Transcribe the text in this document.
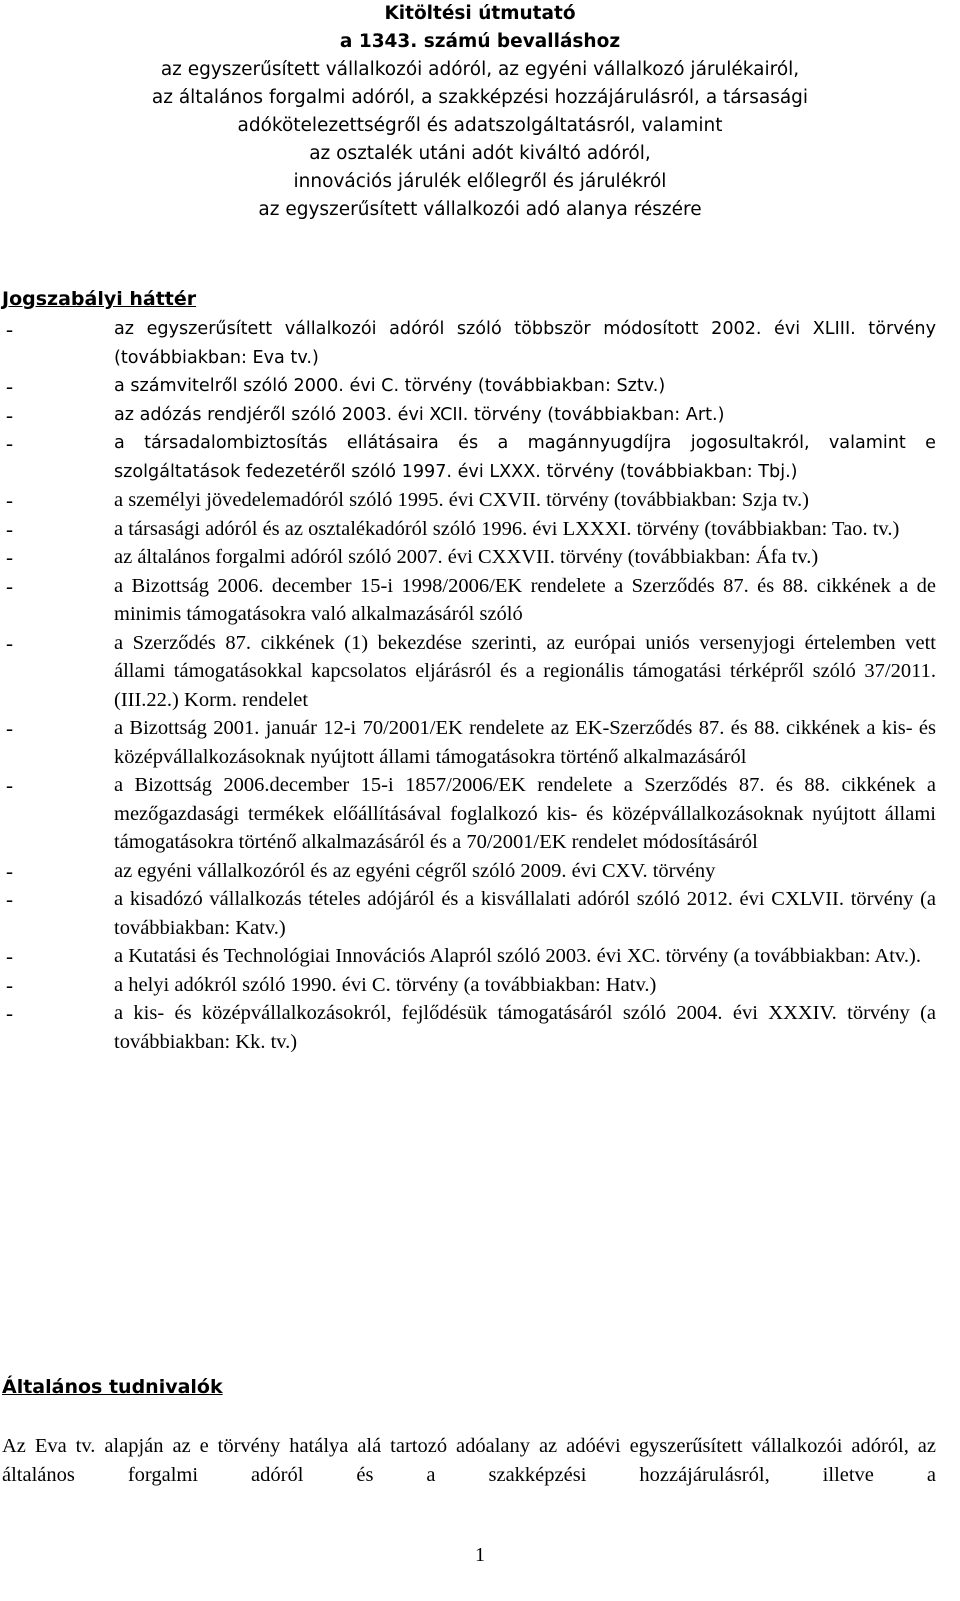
Kitöltési útmutató
a 1343. számú bevalláshoz
az egyszerűsített vállalkozói adóról, az egyéni vállalkozó járulékairól,
az általános forgalmi adóról, a szakképzési hozzájárulásról, a társasági
adókötelezettségről és adatszolgáltatásról, valamint
az osztalék utáni adót kiváltó adóról,
innovációs járulék előlegről és járulékról
az egyszerűsített vállalkozói adó alanya részére
Jogszabályi háttér
-	az egyszerűsített vállalkozói adóról szóló többször módosított 2002. évi XLIII. törvény (továbbiakban: Eva tv.)
-	a számvitelről szóló 2000. évi C. törvény (továbbiakban: Sztv.)
-	az adózás rendjéről szóló 2003. évi XCII. törvény (továbbiakban: Art.)
-	a társadalombiztosítás ellátásaira és a magánnyugdíjra jogosultakról, valamint e szolgáltatások fedezetéről szóló 1997. évi LXXX. törvény (továbbiakban: Tbj.)
-	a személyi jövedelemadóról szóló 1995. évi CXVII. törvény (továbbiakban: Szja tv.)
-	a társasági adóról és az osztalékadóról szóló 1996. évi LXXXI. törvény (továbbiakban: Tao. tv.)
-	az általános forgalmi adóról szóló 2007. évi CXXVII. törvény (továbbiakban: Áfa tv.)
-	a Bizottság 2006. december 15-i 1998/2006/EK rendelete a Szerződés 87. és 88. cikkének a de minimis támogatásokra való alkalmazásáról szóló
-	a Szerződés 87. cikkének (1) bekezdése szerinti, az európai uniós versenyjogi értelemben vett állami támogatásokkal kapcsolatos eljárásról és a regionális támogatási térképről szóló 37/2011. (III.22.) Korm. rendelet
-	a Bizottság 2001. január 12-i 70/2001/EK rendelete az EK-Szerződés 87. és 88. cikkének a kis- és középvállalkozásoknak nyújtott állami támogatásokra történő alkalmazásáról
-	a Bizottság 2006.december 15-i 1857/2006/EK rendelete a Szerződés 87. és 88. cikkének a mezőgazdasági termékek előállításával foglalkozó kis- és középvállalkozásoknak nyújtott állami támogatásokra történő alkalmazásáról és a 70/2001/EK rendelet módosításáról
-	az egyéni vállalkozóról és az egyéni cégről szóló 2009. évi CXV. törvény
-	a kisadózó vállalkozás tételes adójáról és a kisvállalati adóról szóló 2012. évi CXLVII. törvény (a továbbiakban: Katv.)
-	a Kutatási és Technológiai Innovációs Alapról szóló 2003. évi XC. törvény (a továbbiakban: Atv.).
-	a helyi adókról szóló 1990. évi C. törvény (a továbbiakban: Hatv.)
-	a kis- és középvállalkozásokról, fejlődésük támogatásáról szóló 2004. évi XXXIV. törvény (a továbbiakban: Kk. tv.)
Általános tudnivalók
Az Eva tv. alapján az e törvény hatálya alá tartozó adóalany az adóévi egyszerűsített vállalkozói adóról, az általános forgalmi adóról és a szakképzési hozzájárulásról, illetve a
1
